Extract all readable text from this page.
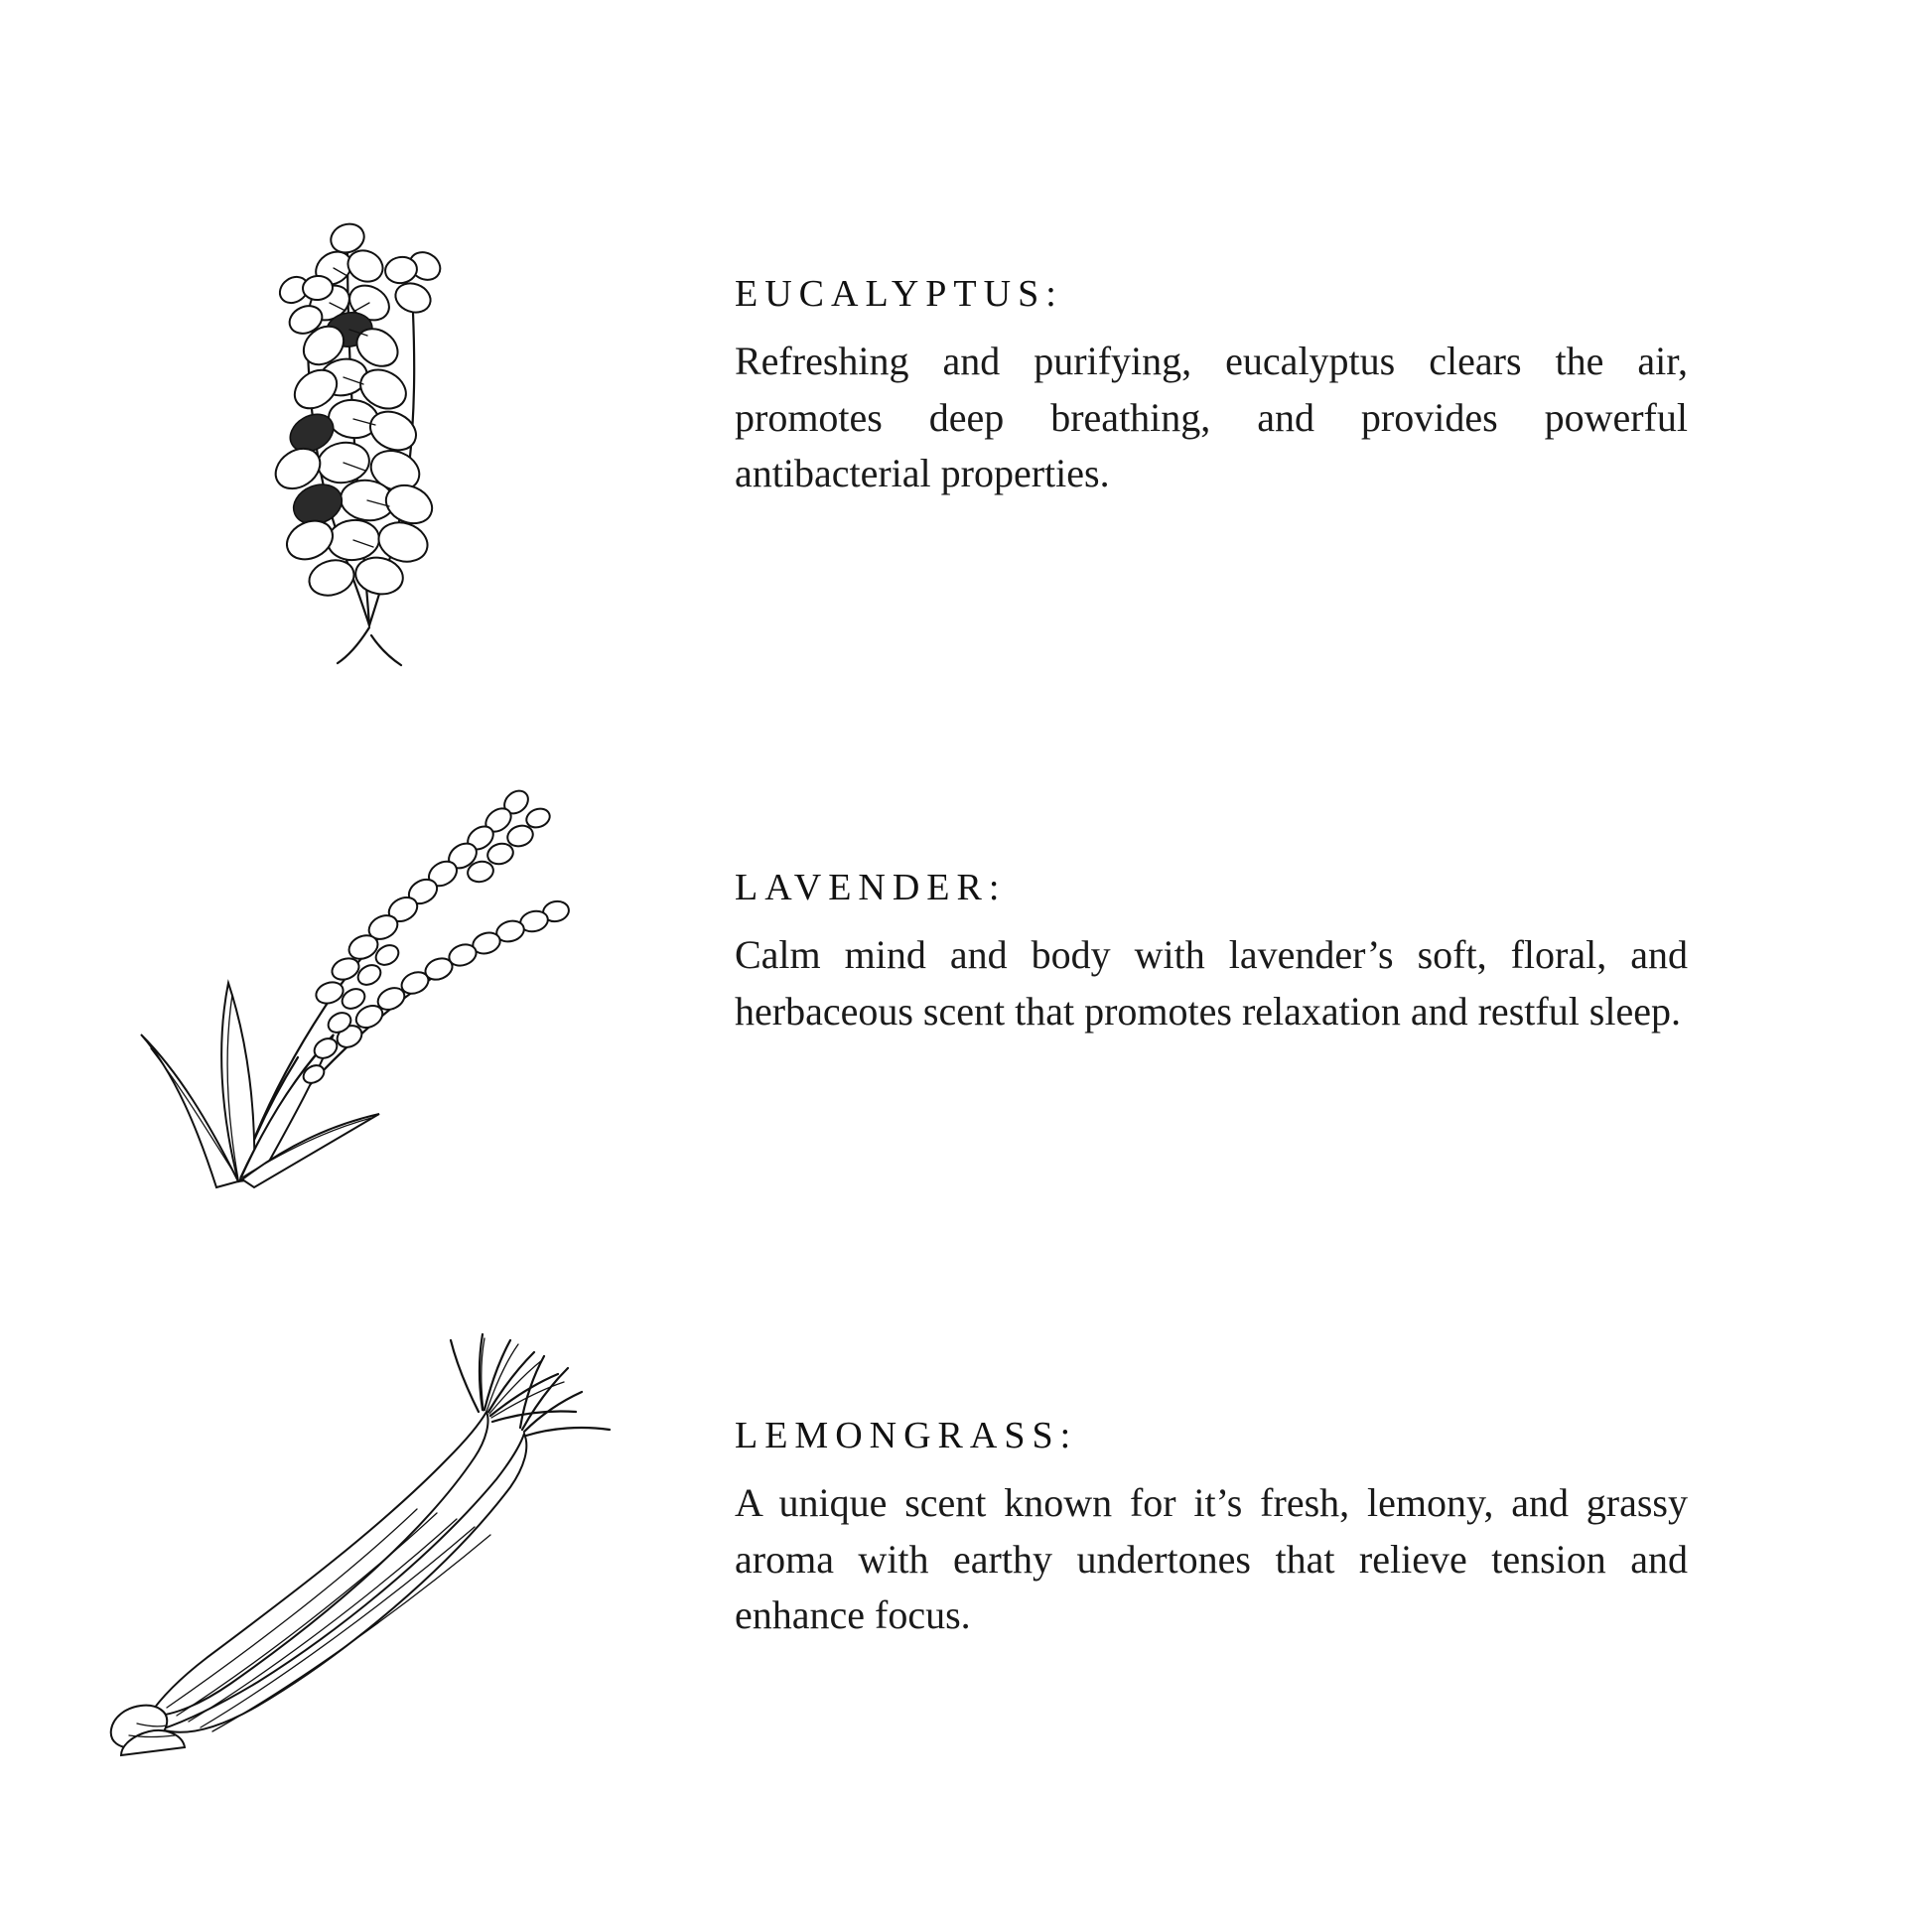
EUCALYPTUS:

Refreshing and purifying, eucalyptus clears the air, promotes deep breathing, and provides powerful antibacterial properties.

LAVENDER:

Calm mind and body with lavender’s soft, floral, and herbaceous scent that promotes relaxation and restful sleep.

LEMONGRASS:

A unique scent known for it’s fresh, lemony, and grassy aroma with earthy undertones that relieve tension and enhance focus.
